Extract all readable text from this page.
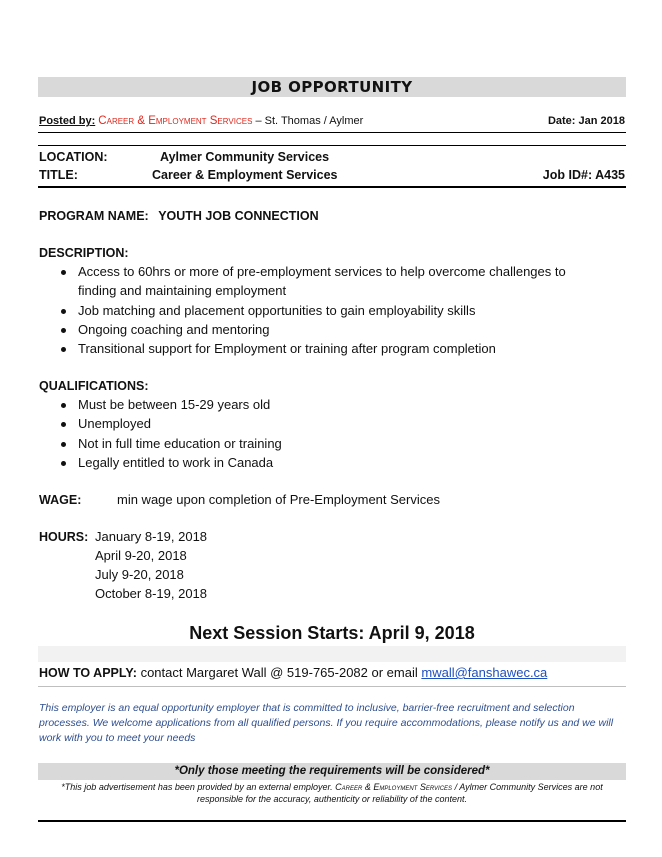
JOB OPPORTUNITY
Posted by: Career & Employment Services – St. Thomas / Aylmer	Date: Jan 2018
LOCATION:	Aylmer Community Services
TITLE:	Career & Employment Services	Job ID#: A435
PROGRAM NAME: YOUTH JOB CONNECTION
DESCRIPTION:
Access to 60hrs or more of pre-employment services to help overcome challenges to
finding and maintaining employment
Job matching and placement opportunities to gain employability skills
Ongoing coaching and mentoring
Transitional support for Employment or training after program completion
QUALIFICATIONS:
Must be between 15-29 years old
Unemployed
Not in full time education or training
Legally entitled to work in Canada
WAGE:	min wage upon completion of Pre-Employment Services
HOURS: January 8-19, 2018
April 9-20, 2018
July 9-20, 2018
October 8-19, 2018
Next Session Starts: April 9, 2018
HOW TO APPLY: contact Margaret Wall @ 519-765-2082 or email mwall@fanshawec.ca
This employer is an equal opportunity employer that is committed to inclusive, barrier-free recruitment and selection processes. We welcome applications from all qualified persons. If you require accommodations, please notify us and we will work with you to meet your needs
*Only those meeting the requirements will be considered*
*This job advertisement has been provided by an external employer. Career & Employment Services / Aylmer Community Services are not responsible for the accuracy, authenticity or reliability of the content.
